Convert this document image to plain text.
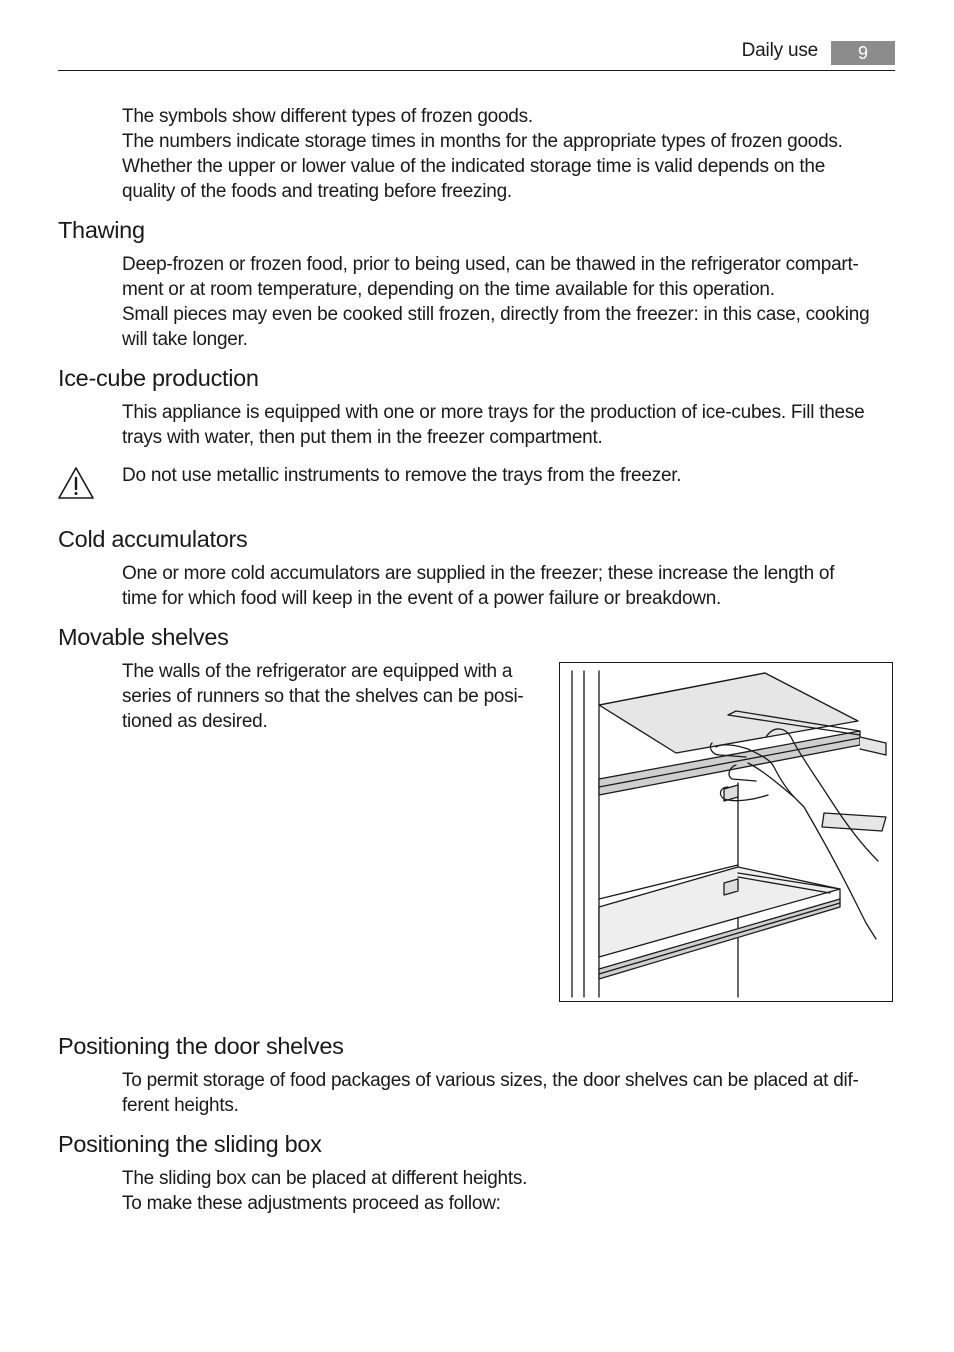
Daily use	9

The symbols show different types of frozen goods.

The numbers indicate storage times in months for the appropriate types of frozen goods.

Whether the upper or lower value of the indicated storage time is valid depends on the

quality of the foods and treating before freezing.

Thawing

Deep-frozen or frozen food, prior to being used, can be thawed in the refrigerator compart-

ment or at room temperature, depending on the time available for this operation.

Small pieces may even be cooked still frozen, directly from the freezer: in this case, cooking

will take longer.

Ice-cube production

This appliance is equipped with one or more trays for the production of ice-cubes. Fill these

trays with water, then put them in the freezer compartment.

Do not use metallic instruments to remove the trays from the freezer.
Cold accumulators

One or more cold accumulators are supplied in the freezer; these increase the length of

time for which food will keep in the event of a power failure or breakdown.

Movable shelves

The walls of the refrigerator are equipped with a

series of runners so that the shelves can be posi-

tioned as desired.

Positioning the door shelves

To permit storage of food packages of various sizes, the door shelves can be placed at dif-

ferent heights.

Positioning the sliding box

The sliding box can be placed at different heights.

To make these adjustments proceed as follow:
